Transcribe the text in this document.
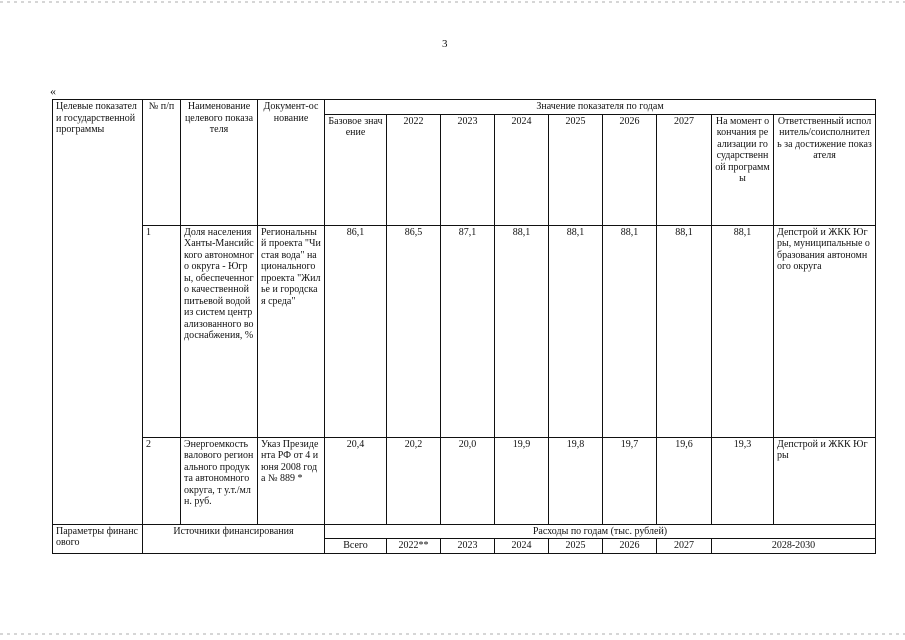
3
«
Целевые показатели государственной программы	№ п/п	Наименование целевого показателя	Документ-основание	Значение показателя по годам								
				Базовое значение	2022	2023	2024	2025	2026	2027	На момент окончания реализации государственной программы	Ответственный исполнитель/соисполнитель за достижение показателя
	1	Доля населения Ханты-Мансийского автономного округа - Югры, обеспеченного качественной питьевой водой из систем централизованного водоснабжения, %	Региональный проекта "Чистая вода" национального проекта "Жилье и городская среда"	86,1	86,5	87,1	88,1	88,1	88,1	88,1	88,1	Депстрой и ЖКК Югры, муниципальные образования автономного округа
	2	Энергоемкость валового регионального продукта автономного округа, т у.т./млн. руб.	Указ Президента РФ от 4 июня 2008 года № 889 *	20,4	20,2	20,0	19,9	19,8	19,7	19,6	19,3	Депстрой и ЖКК Югры
Параметры финансового	Источники финансирования			Расходы по годам (тыс. рублей)								
				Всего	2022**	2023	2024	2025	2026	2027	2028-2030	
